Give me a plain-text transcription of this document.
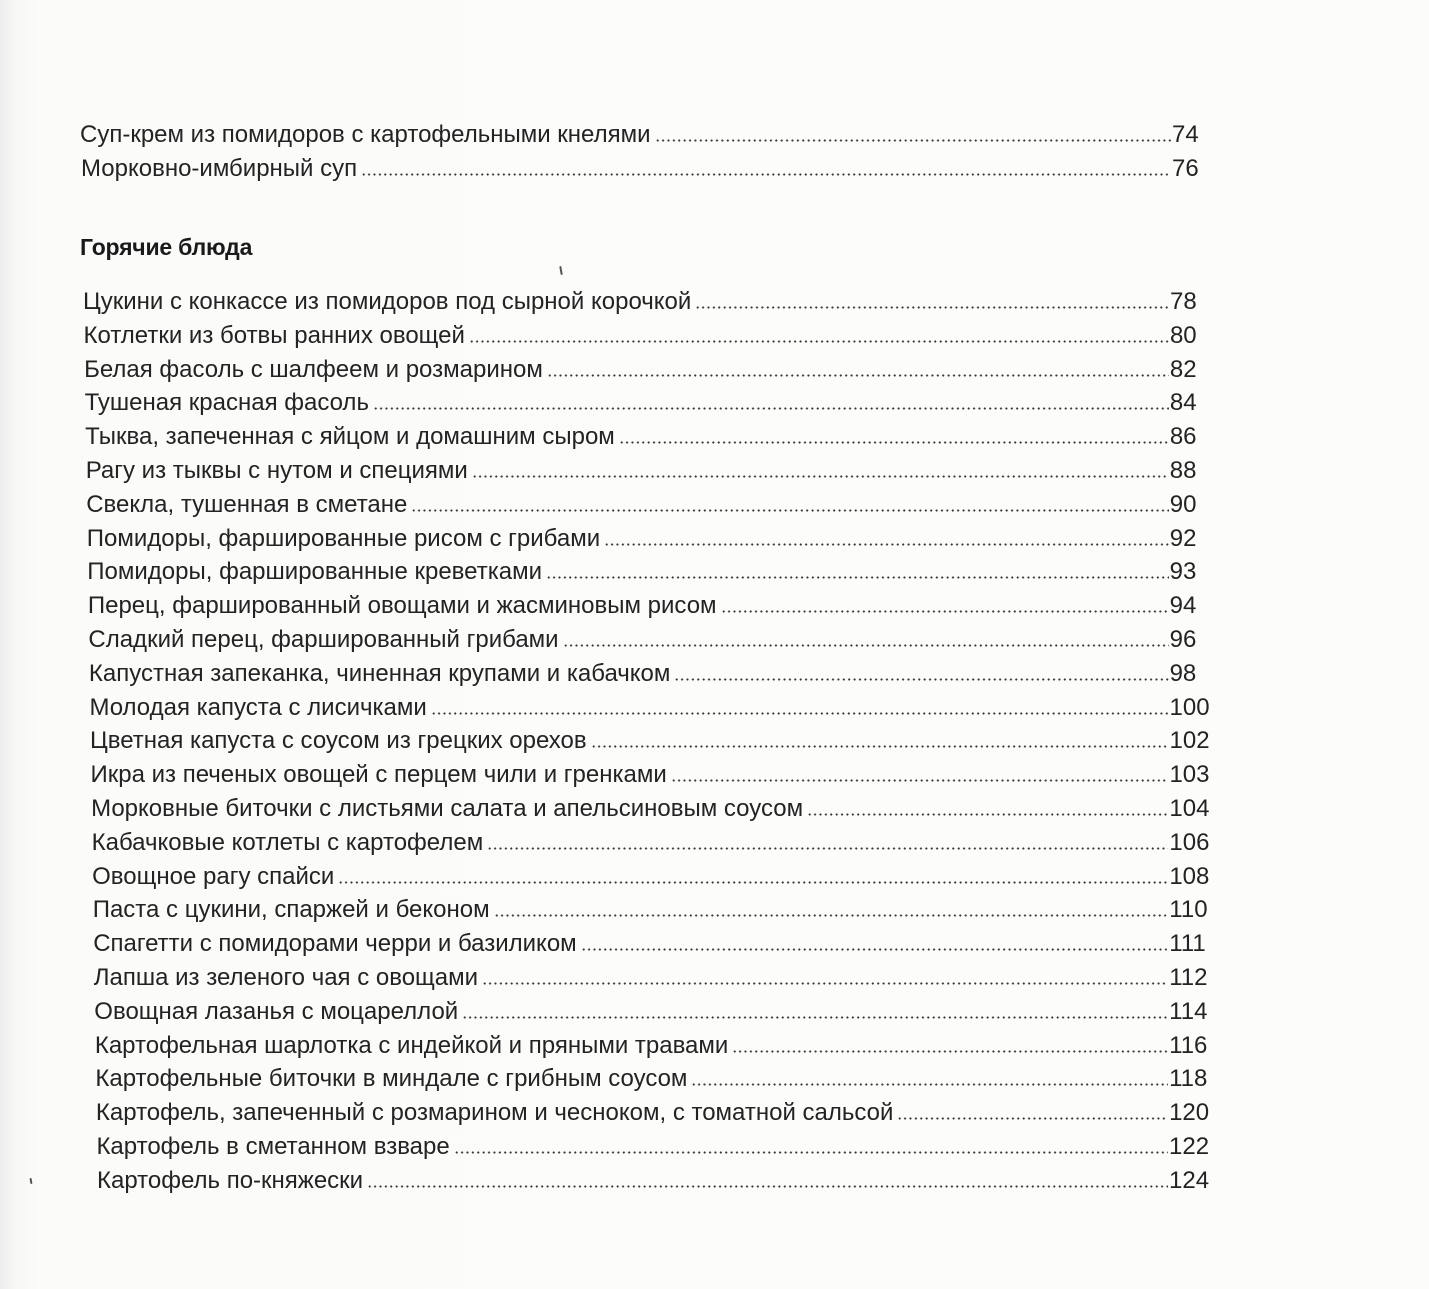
Суп-крем из помидоров с картофельными кнелями	74
Морковно-имбирный суп	76
Горячие блюда
Цукини с конкассе из помидоров под сырной корочкой	78
Котлетки из ботвы ранних овощей	80
Белая фасоль с шалфеем и розмарином	82
Тушеная красная фасоль	84
Тыква, запеченная с яйцом и домашним сыром	86
Рагу из тыквы с нутом и специями	88
Свекла, тушенная в сметане	90
Помидоры, фаршированные рисом с грибами	92
Помидоры, фаршированные креветками	93
Перец, фаршированный овощами и жасминовым рисом	94
Сладкий перец, фаршированный грибами	96
Капустная запеканка, чиненная крупами и кабачком	98
Молодая капуста с лисичками	100
Цветная капуста с соусом из грецких орехов	102
Икра из печеных овощей с перцем чили и гренками	103
Морковные биточки с листьями салата и апельсиновым соусом	104
Кабачковые котлеты с картофелем	106
Овощное рагу спайси	108
Паста с цукини, спаржей и беконом	110
Спагетти с помидорами черри и базиликом	111
Лапша из зеленого чая с овощами	112
Овощная лазанья с моцареллой	114
Картофельная шарлотка с индейкой и пряными травами	116
Картофельные биточки в миндале с грибным соусом	118
Картофель, запеченный с розмарином и чесноком, с томатной сальсой	120
Картофель в сметанном взваре	122
Картофель по-княжески	124
